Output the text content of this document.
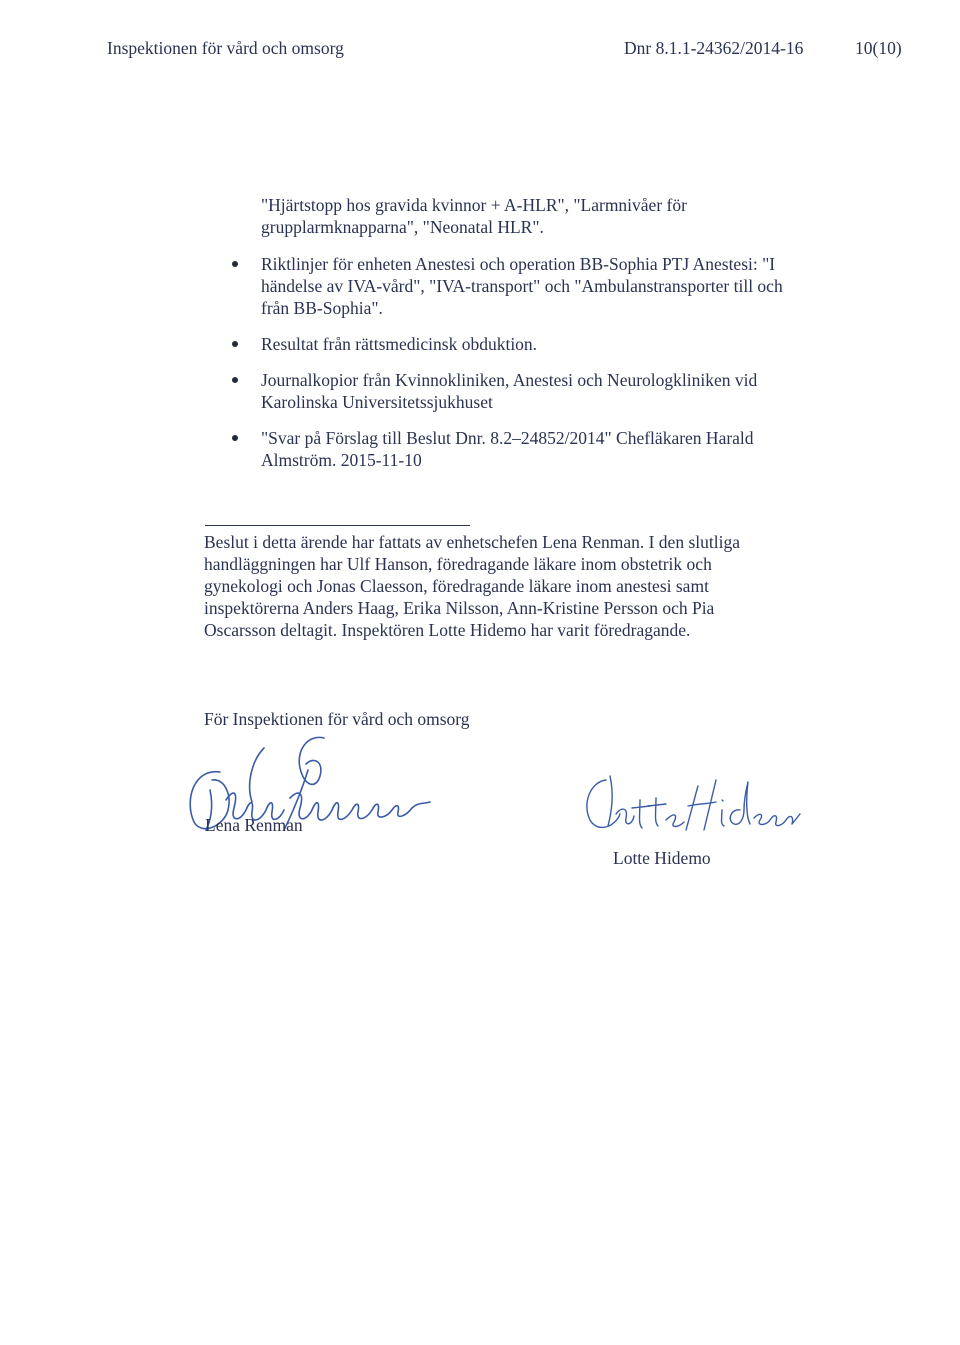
Inspektionen för vård och omsorg	Dnr 8.1.1-24362/2014-16	10(10)
"Hjärtstopp hos gravida kvinnor + A-HLR", "Larmnivåer för grupplarmknapparna", "Neonatal HLR".
Riktlinjer för enheten Anestesi och operation BB-Sophia PTJ Anestesi: "I händelse av IVA-vård", "IVA-transport" och "Ambulanstransporter till och från BB-Sophia".
Resultat från rättsmedicinsk obduktion.
Journalkopior från Kvinnokliniken, Anestesi och Neurologkliniken vid Karolinska Universitetssjukhuset
"Svar på Förslag till Beslut Dnr. 8.2–24852/2014" Chefläkaren Harald Almström. 2015-11-10
Beslut i detta ärende har fattats av enhetschefen Lena Renman. I den slutliga handläggningen har Ulf Hanson, föredragande läkare inom obstetrik och gynekologi och Jonas Claesson, föredragande läkare inom anestesi samt inspektörerna Anders Haag, Erika Nilsson, Ann-Kristine Persson och Pia Oscarsson deltagit. Inspektören Lotte Hidemo har varit föredragande.
För Inspektionen för vård och omsorg
Lena Renman
Lotte Hidemo
